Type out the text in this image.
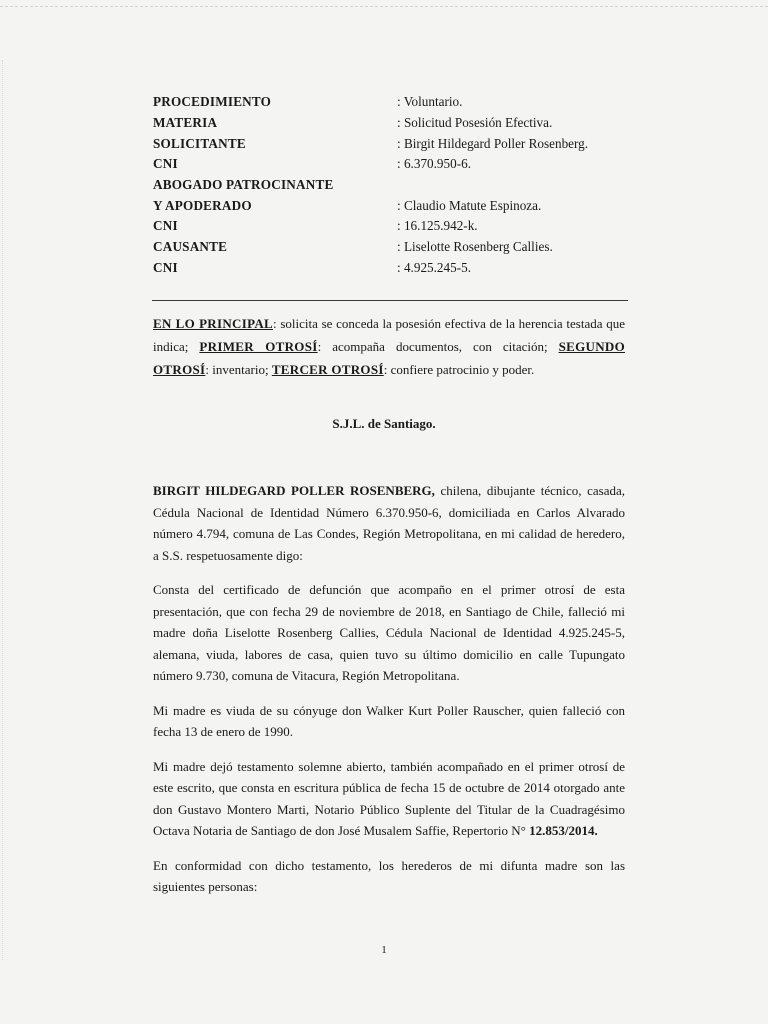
PROCEDIMIENTO	: Voluntario.
MATERIA	: Solicitud Posesión Efectiva.
SOLICITANTE	: Birgit Hildegard Poller Rosenberg.
CNI	: 6.370.950-6.
ABOGADO PATROCINANTE
Y APODERADO	: Claudio Matute Espinoza.
CNI	: 16.125.942-k.
CAUSANTE	: Liselotte Rosenberg Callies.
CNI	: 4.925.245-5.
EN LO PRINCIPAL: solicita se conceda la posesión efectiva de la herencia testada que indica; PRIMER OTROSÍ: acompaña documentos, con citación; SEGUNDO OTROSÍ: inventario; TERCER OTROSÍ: confiere patrocinio y poder.
S.J.L. de Santiago.

BIRGIT HILDEGARD POLLER ROSENBERG, chilena, dibujante técnico, casada, Cédula Nacional de Identidad Número 6.370.950-6, domiciliada en Carlos Alvarado número 4.794, comuna de Las Condes, Región Metropolitana, en mi calidad de heredero, a S.S. respetuosamente digo:

Consta del certificado de defunción que acompaño en el primer otrosí de esta presentación, que con fecha 29 de noviembre de 2018, en Santiago de Chile, falleció mi madre doña Liselotte Rosenberg Callies, Cédula Nacional de Identidad 4.925.245-5, alemana, viuda, labores de casa, quien tuvo su último domicilio en calle Tupungato número 9.730, comuna de Vitacura, Región Metropolitana.

Mi madre es viuda de su cónyuge don Walker Kurt Poller Rauscher, quien falleció con fecha 13 de enero de 1990.

Mi madre dejó testamento solemne abierto, también acompañado en el primer otrosí de este escrito, que consta en escritura pública de fecha 15 de octubre de 2014 otorgado ante don Gustavo Montero Marti, Notario Público Suplente del Titular de la Cuadragésimo Octava Notaria de Santiago de don José Musalem Saffie, Repertorio N° 12.853/2014.

En conformidad con dicho testamento, los herederos de mi difunta madre son las siguientes personas:

1
